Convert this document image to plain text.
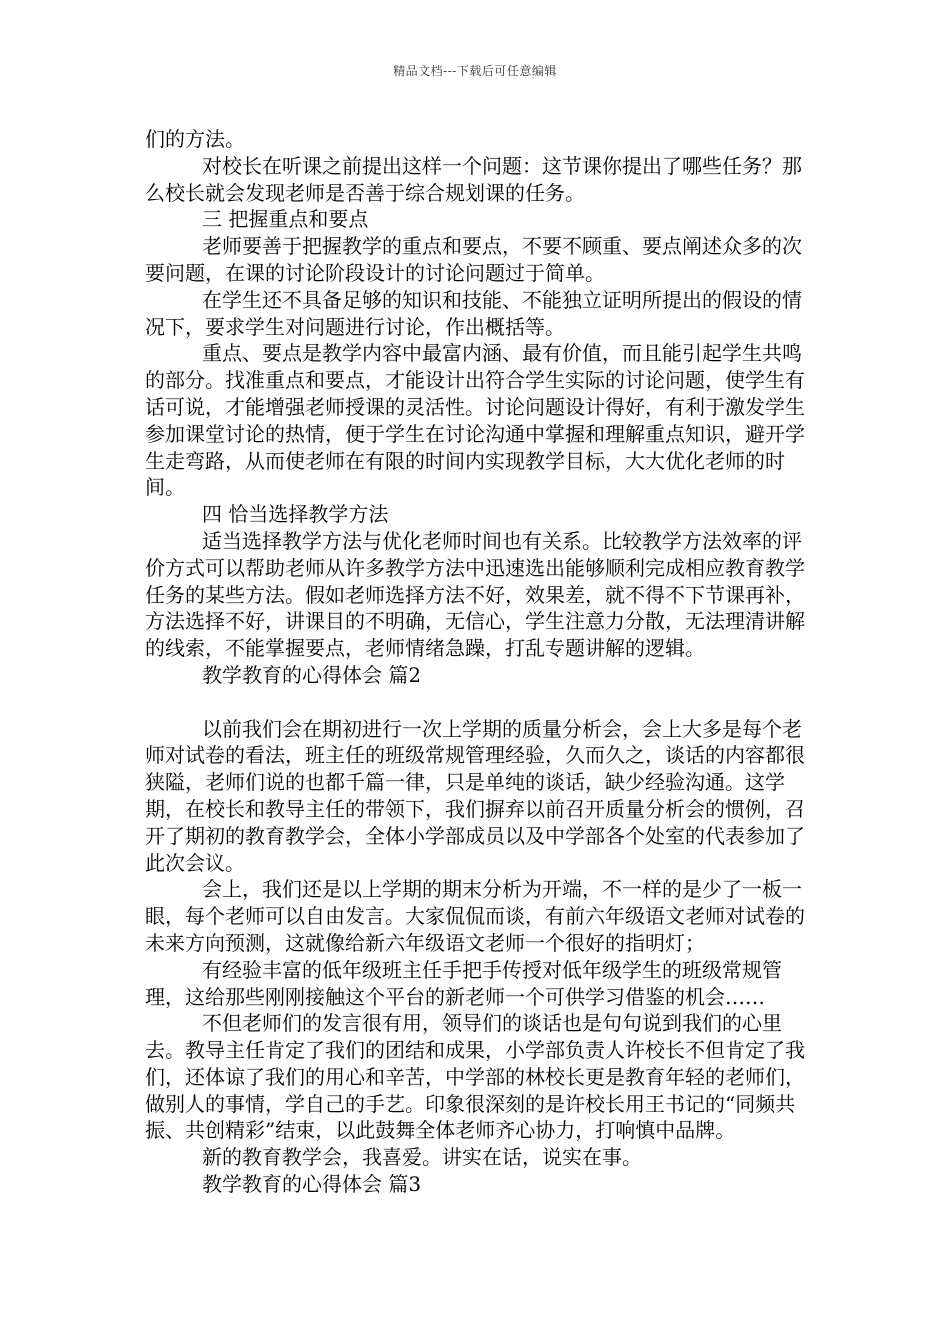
精品文档---下载后可任意编辑

们的方法。

对校长在听课之前提出这样一个问题：这节课你提出了哪些任务？那么校长就会发现老师是否善于综合规划课的任务。

三 把握重点和要点

老师要善于把握教学的重点和要点，不要不顾重、要点阐述众多的次要问题，在课的讨论阶段设计的讨论问题过于简单。

在学生还不具备足够的知识和技能、不能独立证明所提出的假设的情况下，要求学生对问题进行讨论，作出概括等。

重点、要点是教学内容中最富内涵、最有价值，而且能引起学生共鸣的部分。找准重点和要点，才能设计出符合学生实际的讨论问题，使学生有话可说，才能增强老师授课的灵活性。讨论问题设计得好，有利于激发学生参加课堂讨论的热情，便于学生在讨论沟通中掌握和理解重点知识，避开学生走弯路，从而使老师在有限的时间内实现教学目标，大大优化老师的时间。

四 恰当选择教学方法

适当选择教学方法与优化老师时间也有关系。比较教学方法效率的评价方式可以帮助老师从许多教学方法中迅速选出能够顺利完成相应教育教学任务的某些方法。假如老师选择方法不好，效果差，就不得不下节课再补，方法选择不好，讲课目的不明确，无信心，学生注意力分散，无法理清讲解的线索，不能掌握要点，老师情绪急躁，打乱专题讲解的逻辑。

教学教育的心得体会 篇2

以前我们会在期初进行一次上学期的质量分析会，会上大多是每个老师对试卷的看法，班主任的班级常规管理经验，久而久之，谈话的内容都很狭隘，老师们说的也都千篇一律，只是单纯的谈话，缺少经验沟通。这学期，在校长和教导主任的带领下，我们摒弃以前召开质量分析会的惯例，召开了期初的教育教学会，全体小学部成员以及中学部各个处室的代表参加了此次会议。

会上，我们还是以上学期的期末分析为开端，不一样的是少了一板一眼，每个老师可以自由发言。大家侃侃而谈，有前六年级语文老师对试卷的未来方向预测，这就像给新六年级语文老师一个很好的指明灯；

有经验丰富的低年级班主任手把手传授对低年级学生的班级常规管理，这给那些刚刚接触这个平台的新老师一个可供学习借鉴的机会……

不但老师们的发言很有用，领导们的谈话也是句句说到我们的心里去。教导主任肯定了我们的团结和成果，小学部负责人许校长不但肯定了我们，还体谅了我们的用心和辛苦，中学部的林校长更是教育年轻的老师们，做别人的事情，学自己的手艺。印象很深刻的是许校长用王书记的“同频共振、共创精彩”结束，以此鼓舞全体老师齐心协力，打响慎中品牌。

新的教育教学会，我喜爱。讲实在话，说实在事。

教学教育的心得体会 篇3
